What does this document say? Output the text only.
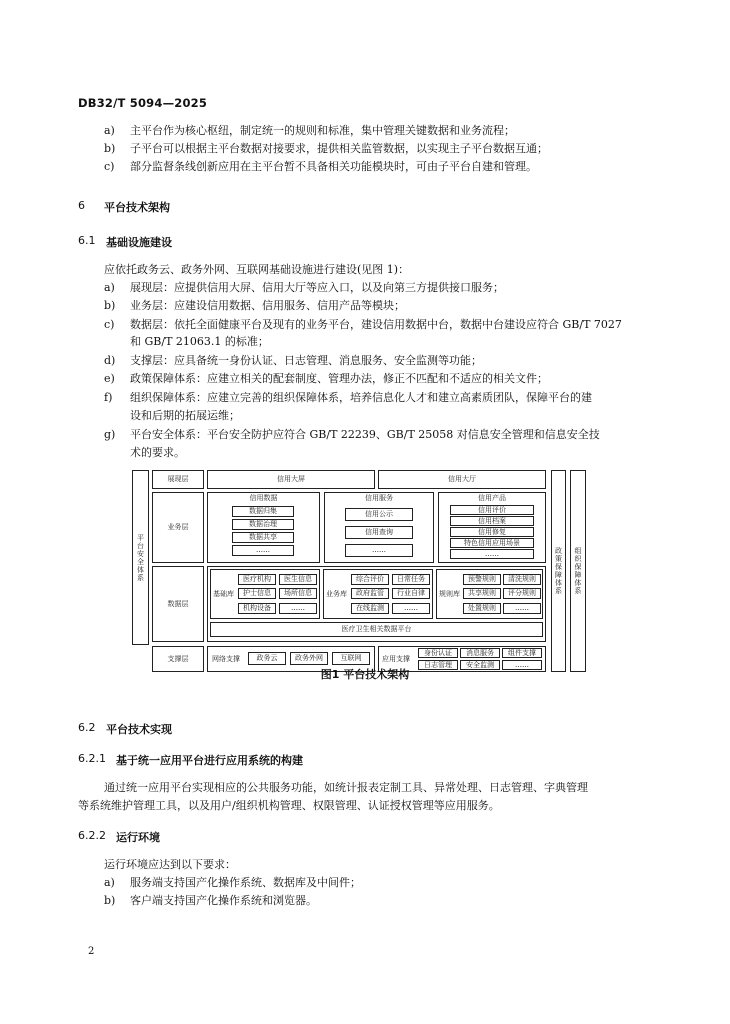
DB32/T 5094—2025
a) 主平台作为核心枢纽，制定统一的规则和标准，集中管理关键数据和业务流程；
b) 子平台可以根据主平台数据对接要求，提供相关监管数据，以实现主子平台数据互通；
c) 部分监督条线创新应用在主平台暂不具备相关功能模块时，可由子平台自建和管理。
6 平台技术架构
6.1 基础设施建设
应依托政务云、政务外网、互联网基础设施进行建设(见图 1)：
a) 展现层：应提供信用大屏、信用大厅等应入口，以及向第三方提供接口服务；
b) 业务层：应建设信用数据、信用服务、信用产品等模块；
c) 数据层：依托全面健康平台及现有的业务平台，建设信用数据中台，数据中台建设应符合 GB/T 7027
和 GB/T 21063.1 的标准；
d) 支撑层：应具备统一身份认证、日志管理、消息服务、安全监测等功能；
e) 政策保障体系：应建立相关的配套制度、管理办法，修正不匹配和不适应的相关文件；
f) 组织保障体系：应建立完善的组织保障体系，培养信息化人才和建立高素质团队，保障平台的建
设和后期的拓展运维；
g) 平台安全体系：平台安全防护应符合 GB/T 22239、GB/T 25058 对信息安全管理和信息安全技
术的要求。
平台安全体系	政策保障体系	组织保障体系
展现层
业务层
数据层
支撑层
信用大屏	信用大厅
信用数据
数据归集
数据治理
数据共享
……
信用服务
信用公示
信用查询
……
信用产品
信用评价
信用档案
信用修复
特色信用应用场景
……
基础库
医疗机构	医生信息
护士信息	场所信息
机构设备	……
业务库
综合评价	日常任务
政府监管	行业自律
在线监测	……
规则库
预警规则	清洗规则
共享规则	评分规则
处置规则	……
医疗卫生相关数据平台
网络支撑	政务云	政务外网	互联网	应用支撑
身份认证	消息服务	组件支撑
日志管理	安全监测	……
图1 平台技术架构
6.2 平台技术实现
6.2.1 基于统一应用平台进行应用系统的构建
通过统一应用平台实现相应的公共服务功能，如统计报表定制工具、异常处理、日志管理、字典管理
等系统维护管理工具，以及用户/组织机构管理、权限管理、认证授权管理等应用服务。
6.2.2 运行环境
运行环境应达到以下要求：
a) 服务端支持国产化操作系统、数据库及中间件；
b) 客户端支持国产化操作系统和浏览器。
2
